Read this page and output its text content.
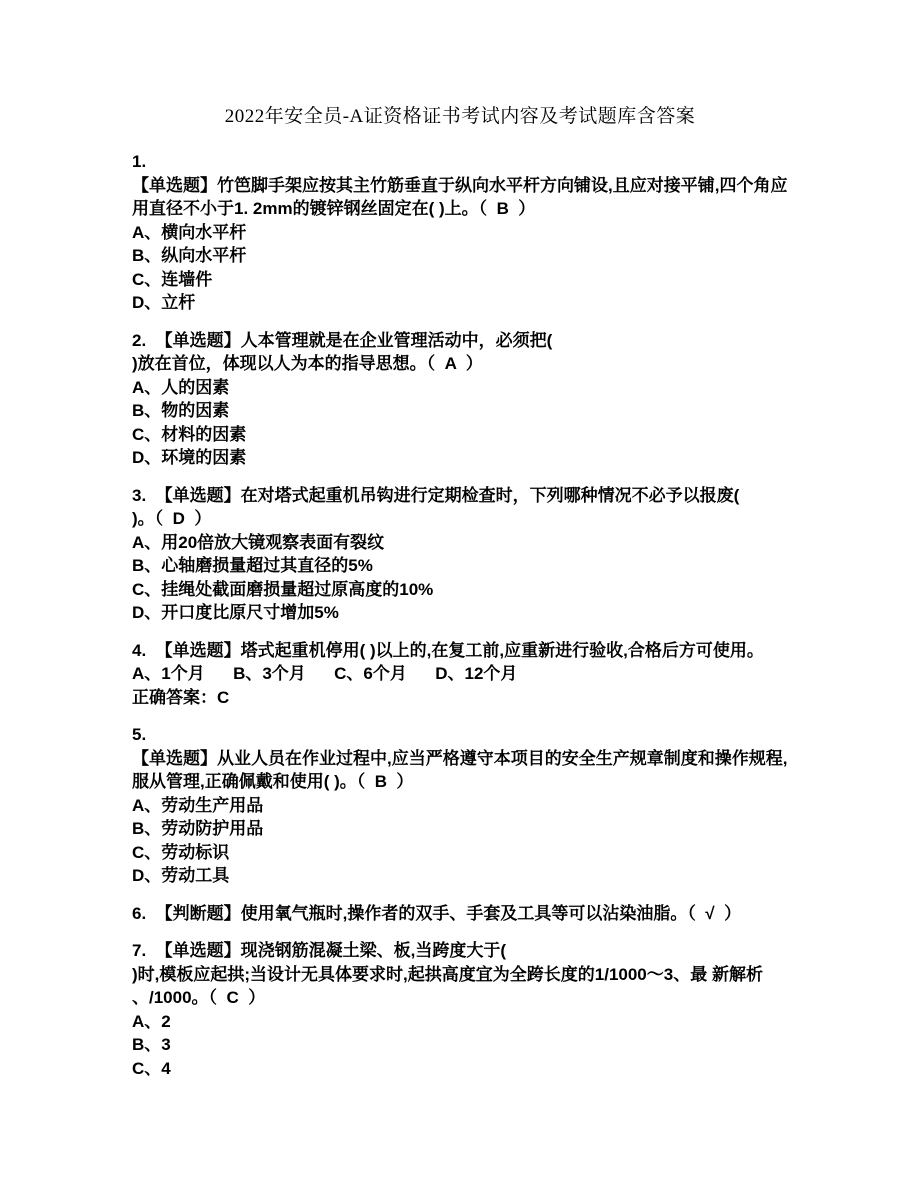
2022年安全员-A证资格证书考试内容及考试题库含答案
1.
【单选题】竹笆脚手架应按其主竹筋垂直于纵向水平杆方向铺设,且应对接平铺,四个角应
用直径不小于1. 2mm的镀锌钢丝固定在( )上。（  B  ）
A、横向水平杆
B、纵向水平杆
C、连墙件
D、立杆
2.  【单选题】人本管理就是在企业管理活动中，必须把(
)放在首位，体现以人为本的指导思想。（  A  ）
A、人的因素
B、物的因素
C、材料的因素
D、环境的因素
3.  【单选题】在对塔式起重机吊钩进行定期检查时，下列哪种情况不必予以报废(
)。（  D  ）
A、用20倍放大镜观察表面有裂纹
B、心轴磨损量超过其直径的5%
C、挂绳处截面磨损量超过原高度的10%
D、开口度比原尺寸增加5%
4.  【单选题】塔式起重机停用( )以上的,在复工前,应重新进行验收,合格后方可使用。
A、1个月      B、3个月      C、6个月      D、12个月
正确答案：C
5.
【单选题】从业人员在作业过程中,应当严格遵守本项目的安全生产规章制度和操作规程,
服从管理,正确佩戴和使用( )。（  B  ）
A、劳动生产用品
B、劳动防护用品
C、劳动标识
D、劳动工具
6.  【判断题】使用氧气瓶时,操作者的双手、手套及工具等可以沾染油脂。（  √  ）
7.  【单选题】现浇钢筋混凝土梁、板,当跨度大于(
)时,模板应起拱;当设计无具体要求时,起拱高度宜为全跨长度的1/1000～3、最 新解析
、/1000。（  C  ）
A、2
B、3
C、4
